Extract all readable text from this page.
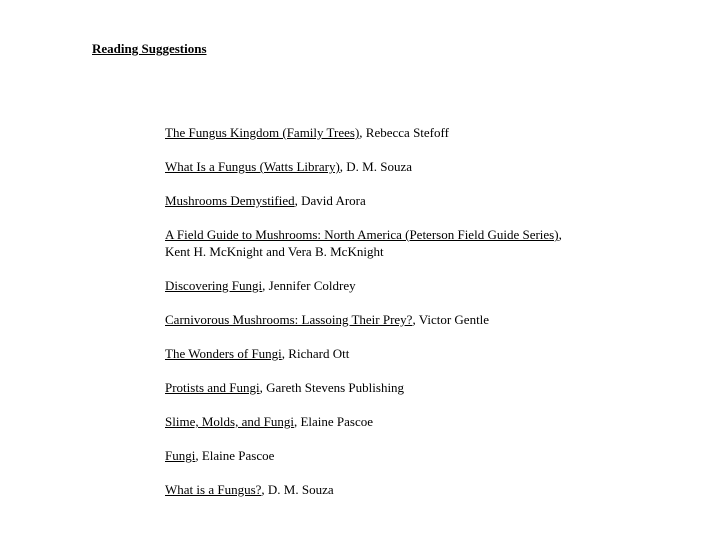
Reading Suggestions
The Fungus Kingdom (Family Trees), Rebecca Stefoff
What Is a Fungus (Watts Library), D. M. Souza
Mushrooms Demystified, David Arora
A Field Guide to Mushrooms: North America (Peterson Field Guide Series),
Kent H. McKnight and Vera B. McKnight
Discovering Fungi, Jennifer Coldrey
Carnivorous Mushrooms: Lassoing Their Prey?, Victor Gentle
The Wonders of Fungi, Richard Ott
Protists and Fungi, Gareth Stevens Publishing
Slime, Molds, and Fungi, Elaine Pascoe
Fungi, Elaine Pascoe
What is a Fungus?, D. M. Souza
